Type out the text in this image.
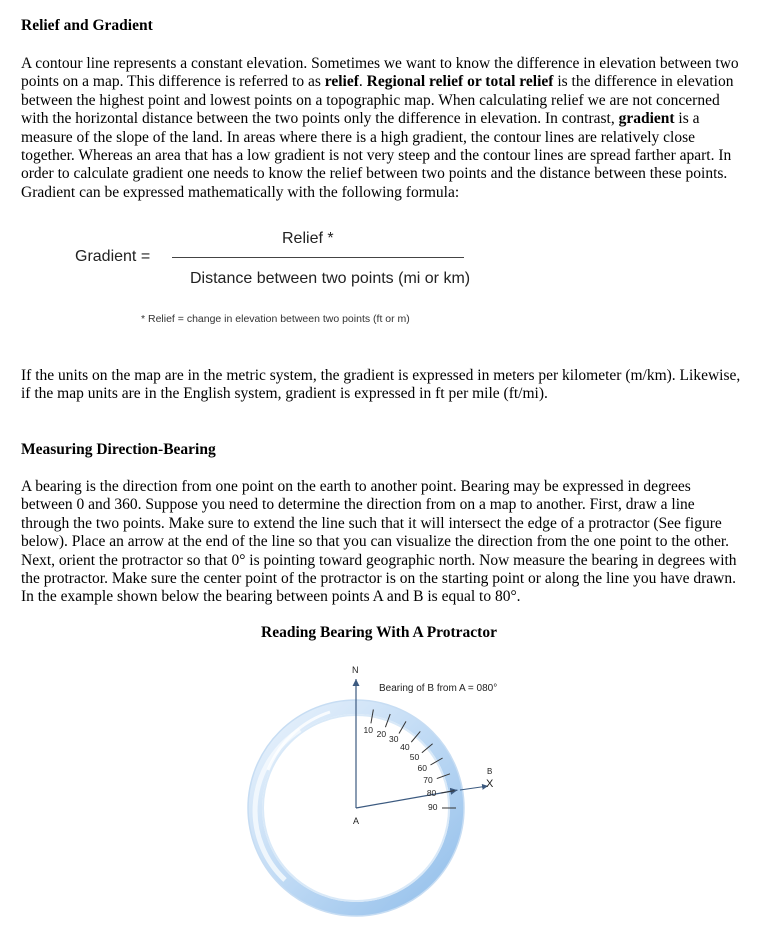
Relief and Gradient

A contour line represents a constant elevation. Sometimes we want to know the difference in elevation between two points on a map. This difference is referred to as relief. Regional relief or total relief is the difference in elevation between the highest point and lowest points on a topographic map. When calculating relief we are not concerned with the horizontal distance between the two points only the difference in elevation. In contrast, gradient is a measure of the slope of the land. In areas where there is a high gradient, the contour lines are relatively close together. Whereas an area that has a low gradient is not very steep and the contour lines are spread farther apart. In order to calculate gradient one needs to know the relief between two points and the distance between these points. Gradient can be expressed mathematically with the following formula:

Gradient =
Relief *
Distance between two points (mi or km)
* Relief = change in elevation between two points (ft or m)

If the units on the map are in the metric system, the gradient is expressed in meters per kilometer (m/km). Likewise, if the map units are in the English system, gradient is expressed in ft per mile (ft/mi).

Measuring Direction-Bearing

A bearing is the direction from one point on the earth to another point. Bearing may be expressed in degrees between 0 and 360. Suppose you need to determine the direction from on a map to another. First, draw a line through the two points. Make sure to extend the line such that it will intersect the edge of a protractor (See figure below). Place an arrow at the end of the line so that you can visualize the direction from the one point to the other. Next, orient the protractor so that 0° is pointing toward geographic north. Now measure the bearing in degrees with the protractor. Make sure the center point of the protractor is on the starting point or along the line you have drawn. In the example shown below the bearing between points A and B is equal to 80°.

Reading Bearing With A Protractor
N
Bearing of B from A = 080°
A
B
X
10 20
30
40
50
60
70
80
90
